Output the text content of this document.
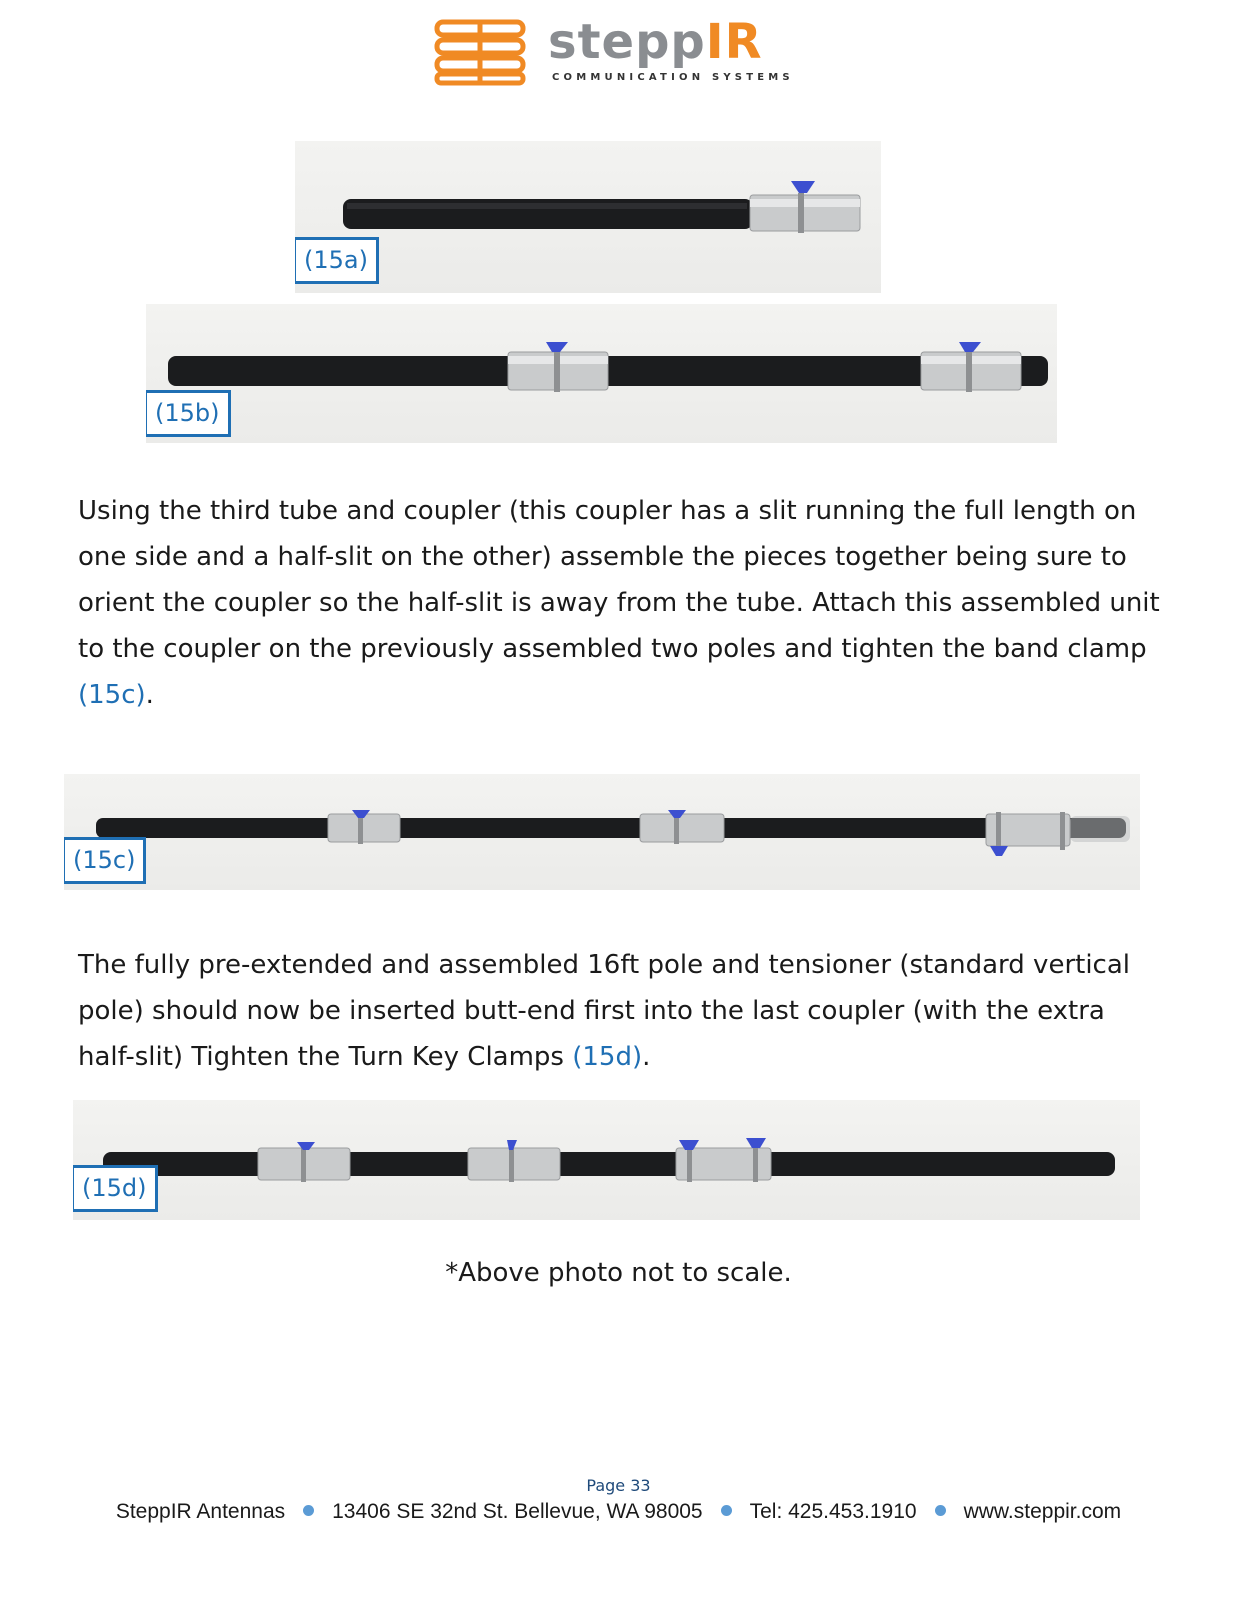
steppIR
COMMUNICATION SYSTEMS
(15a)
(15b)

Using the third tube and coupler (this coupler has a slit running the full length on one side and a half-slit on the other) assemble the pieces together being sure to orient the coupler so the half-slit is away from the tube. Attach this assembled unit to the coupler on the previously assembled two poles and tighten the band clamp (15c).

(15c)

The fully pre-extended and assembled 16ft pole and tensioner (standard vertical pole) should now be inserted butt-end first into the last coupler (with the extra half-slit) Tighten the Turn Key Clamps (15d).

(15d)
*Above photo not to scale.
Page 33
SteppIR Antennas 13406 SE 32nd St. Bellevue, WA 98005 Tel: 425.453.1910 www.steppir.com
